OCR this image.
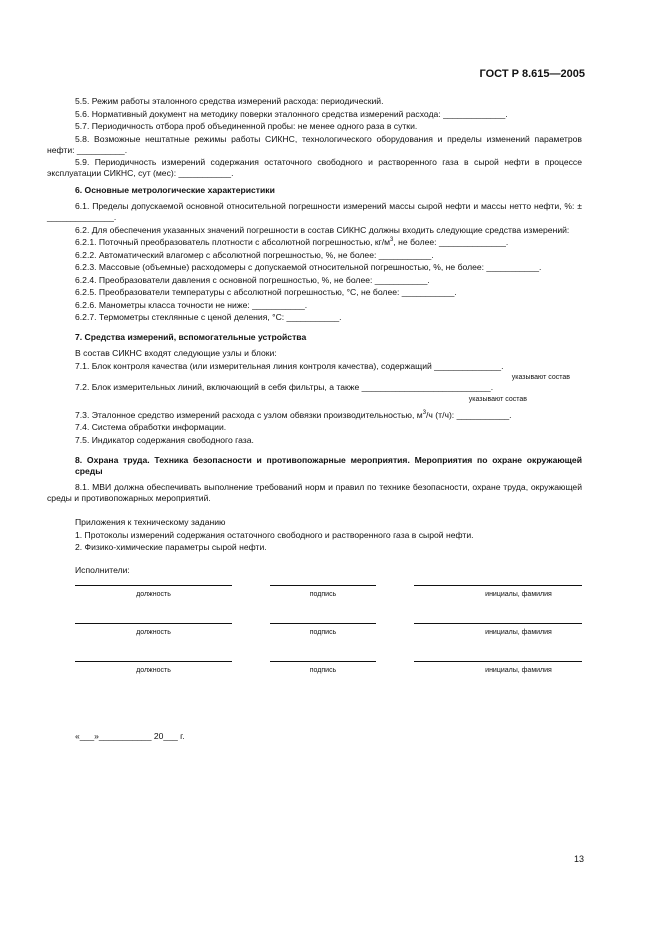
ГОСТ Р 8.615—2005

5.5. Режим работы эталонного средства измерений расхода: периодический.

5.6. Нормативный документ на методику поверки эталонного средства измерений расхода: _____________.

5.7. Периодичность отбора проб объединенной пробы: не менее одного раза в сутки.

5.8. Возможные нештатные режимы работы СИКНС, технологического оборудования и пределы изменений параметров нефти: __________.

5.9. Периодичность измерений содержания остаточного свободного и растворенного газа в сырой нефти в процессе эксплуатации СИКНС, сут (мес): ___________.

6. Основные метрологические характеристики

6.1. Пределы допускаемой основной относительной погрешности измерений массы сырой нефти и массы нетто нефти, %: ± ______________.

6.2. Для обеспечения указанных значений погрешности в состав СИКНС должны входить следующие средства измерений:

6.2.1. Поточный преобразователь плотности с абсолютной погрешностью, $кг/м^3$, не более: ______________.

6.2.2. Автоматический влагомер с абсолютной погрешностью, %, не более: ___________.

6.2.3. Массовые (объемные) расходомеры с допускаемой относительной погрешностью, %, не более: ___________.

6.2.4. Преобразователи давления с основной погрешностью, %, не более: ___________.

6.2.5. Преобразователи температуры с абсолютной погрешностью, °С, не более: ___________.

6.2.6. Манометры класса точности не ниже: ___________.

6.2.7. Термометры стеклянные с ценой деления, °С: ___________.

7. Средства измерений, вспомогательные устройства

В состав СИКНС входят следующие узлы и блоки:

7.1. Блок контроля качества (или измерительная линия контроля качества), содержащий ______________.

указывают состав

7.2. Блок измерительных линий, включающий в себя фильтры, а также ___________________________.

указывают состав

7.3. Эталонное средство измерений расхода с узлом обвязки производительностью, $м^3/ч$ (т/ч): ___________.

7.4. Система обработки информации.

7.5. Индикатор содержания свободного газа.

8. Охрана труда. Техника безопасности и противопожарные мероприятия. Мероприятия по охране окружающей среды

8.1. МВИ должна обеспечивать выполнение требований норм и правил по технике безопасности, охране труда, окружающей среды и противопожарных мероприятий.

Приложения к техническому заданию

1. Протоколы измерений содержания остаточного свободного и растворенного газа в сырой нефти.

2. Физико-химические параметры сырой нефти.

Исполнители:

должность	подпись	инициалы, фамилия
должность	подпись	инициалы, фамилия
должность	подпись	инициалы, фамилия

«___»___________ 20___ г.

13
